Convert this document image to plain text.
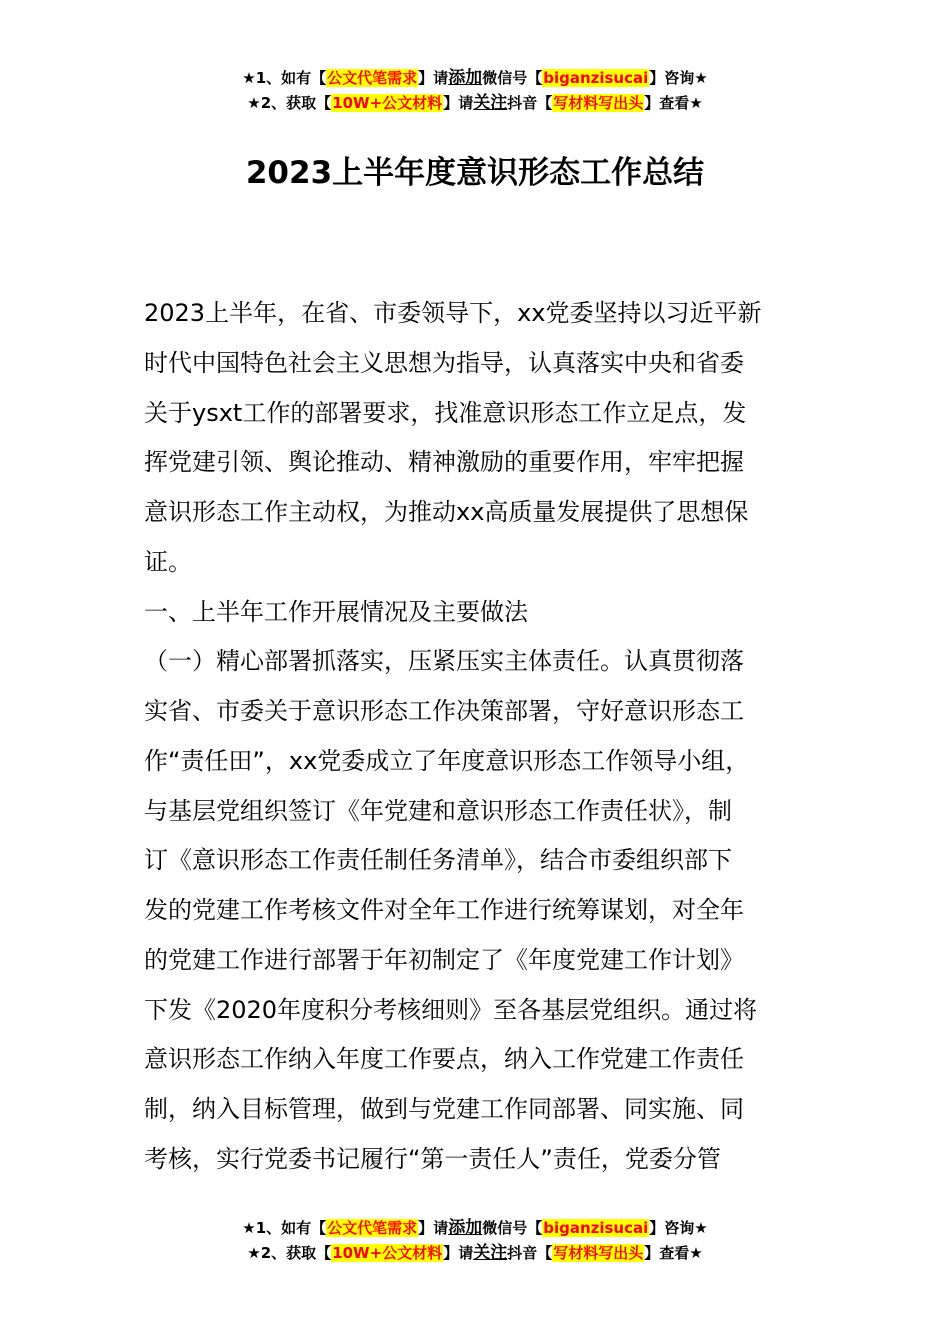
★1、如有【公文代笔需求】请添加微信号【biganzisucai】咨询★
★2、获取【10W+公文材料】请关注抖音【写材料写出头】查看★
2023上半年度意识形态工作总结
2023上半年，在省、市委领导下，xx党委坚持以习近平新
时代中国特色社会主义思想为指导，认真落实中央和省委
关于ysxt工作的部署要求，找准意识形态工作立足点，发
挥党建引领、舆论推动、精神激励的重要作用，牢牢把握
意识形态工作主动权，为推动xx高质量发展提供了思想保
证。
一、上半年工作开展情况及主要做法
（一）精心部署抓落实，压紧压实主体责任。认真贯彻落
实省、市委关于意识形态工作决策部署，守好意识形态工
作“责任田”，xx党委成立了年度意识形态工作领导小组，
与基层党组织签订《年党建和意识形态工作责任状》，制
订《意识形态工作责任制任务清单》，结合市委组织部下
发的党建工作考核文件对全年工作进行统筹谋划，对全年
的党建工作进行部署于年初制定了《年度党建工作计划》
下发《2020年度积分考核细则》至各基层党组织。通过将
意识形态工作纳入年度工作要点，纳入工作党建工作责任
制，纳入目标管理，做到与党建工作同部署、同实施、同
考核，实行党委书记履行“第一责任人”责任，党委分管
★1、如有【公文代笔需求】请添加微信号【biganzisucai】咨询★
★2、获取【10W+公文材料】请关注抖音【写材料写出头】查看★
